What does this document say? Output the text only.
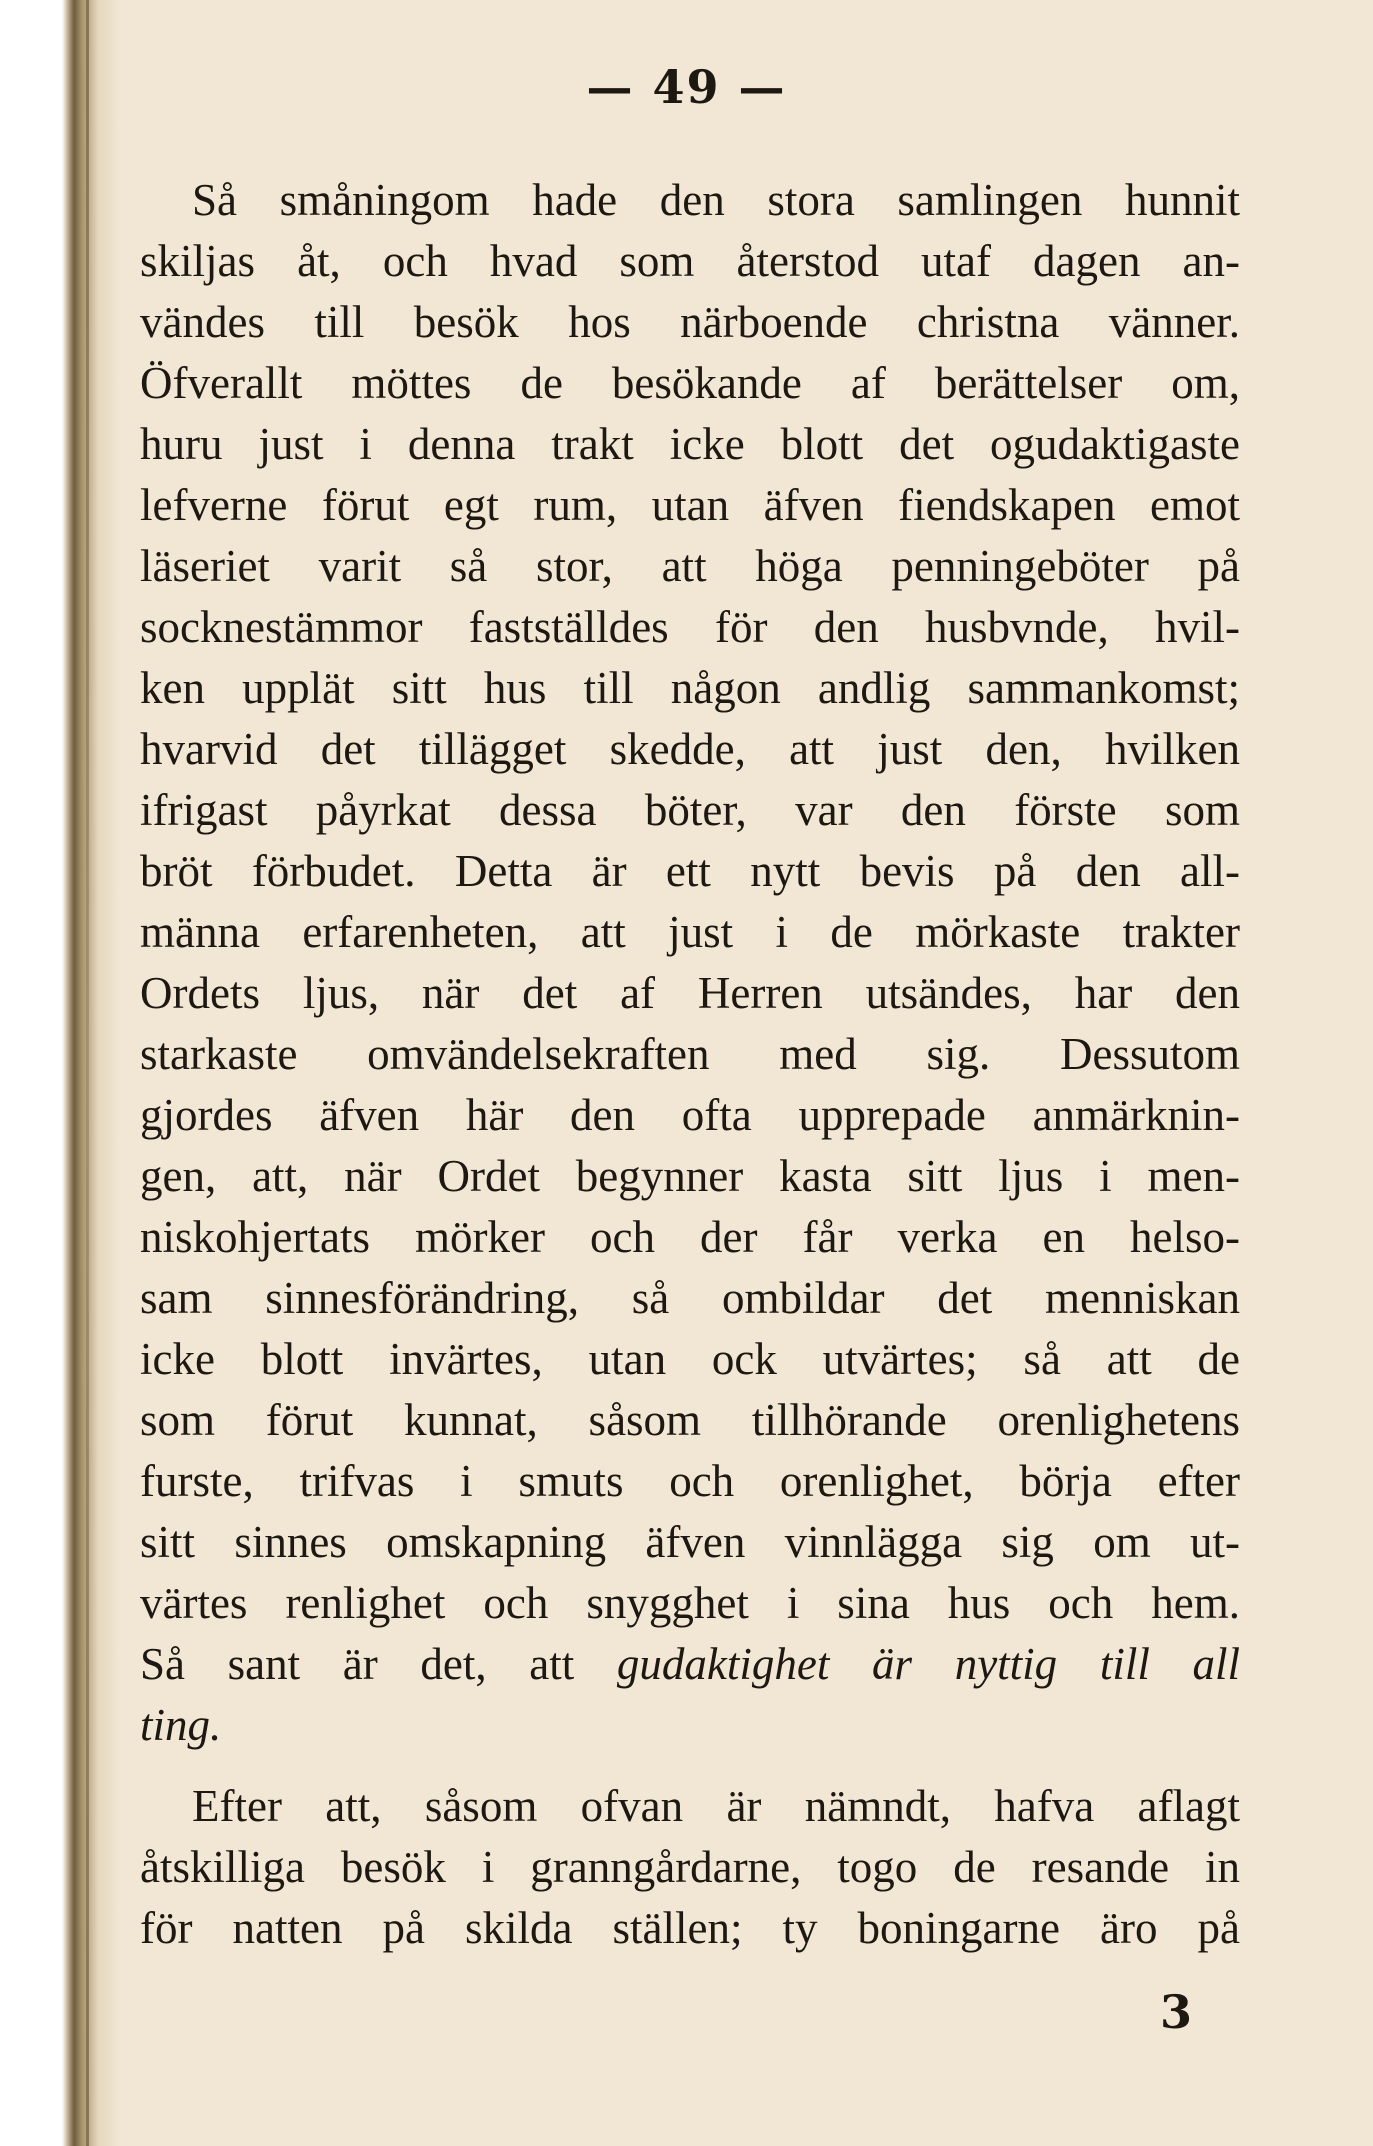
— 49 —
Så småningom hade den stora samlingen hunnit
skiljas åt, och hvad som återstod utaf dagen an-
vändes till besök hos närboende christna vänner.
Öfverallt möttes de besökande af berättelser om,
huru just i denna trakt icke blott det ogudaktigaste
lefverne förut egt rum, utan äfven fiendskapen emot
läseriet varit så stor, att höga penningeböter på
socknestämmor fastställdes för den husbvnde, hvil-
ken upplät sitt hus till någon andlig sammankomst;
hvarvid det tillägget skedde, att just den, hvilken
ifrigast påyrkat dessa böter, var den förste som
bröt förbudet. Detta är ett nytt bevis på den all-
männa erfarenheten, att just i de mörkaste trakter
Ordets ljus, när det af Herren utsändes, har den
starkaste omvändelsekraften med sig. Dessutom
gjordes äfven här den ofta upprepade anmärknin-
gen, att, när Ordet begynner kasta sitt ljus i men-
niskohjertats mörker och der får verka en helso-
sam sinnesförändring, så ombildar det menniskan
icke blott invärtes, utan ock utvärtes; så att de
som förut kunnat, såsom tillhörande orenlighetens
furste, trifvas i smuts och orenlighet, börja efter
sitt sinnes omskapning äfven vinnlägga sig om ut-
värtes renlighet och snygghet i sina hus och hem.
Så sant är det, att gudaktighet är nyttig till all
ting.
Efter att, såsom ofvan är nämndt, hafva aflagt
åtskilliga besök i granngårdarne, togo de resande in
för natten på skilda ställen; ty boningarne äro på
3
